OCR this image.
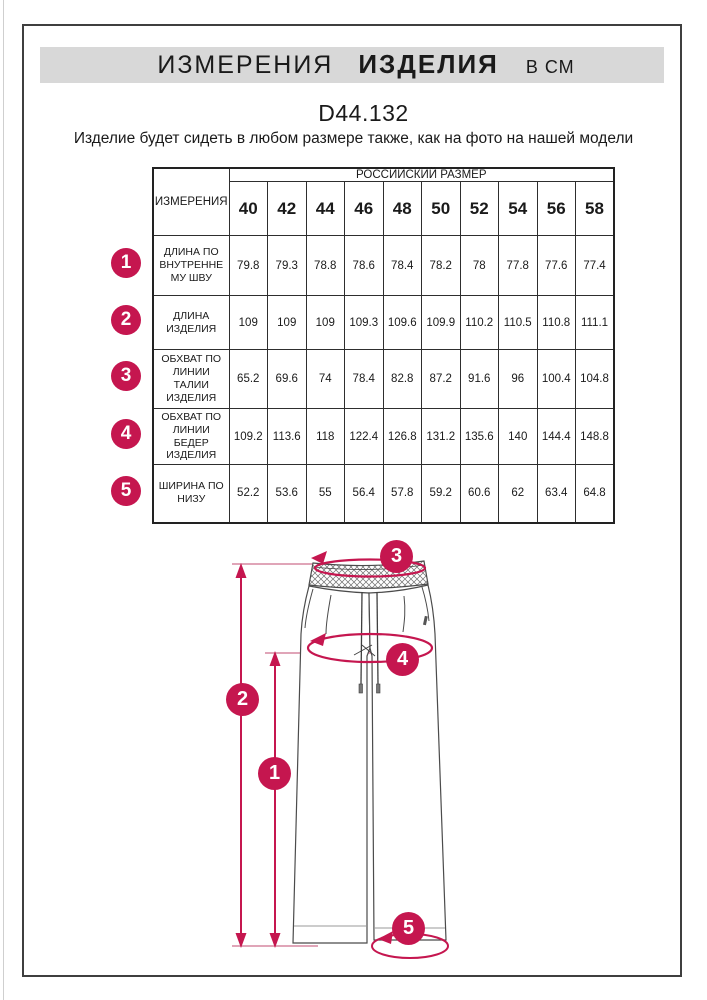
ИЗМЕРЕНИЯ ИЗДЕЛИЯ В СМ
D44.132
Изделие будет сидеть в любом размере также, как на фото на нашей модели
ИЗМЕРЕНИЯ	РОССИЙСКИЙ РАЗМЕР									
	40	42	44	46	48	50	52	54	56	58
ДЛИНА ПО ВНУТРЕННЕМУ ШВУ	79.8	79.3	78.8	78.6	78.4	78.2	78	77.8	77.6	77.4
ДЛИНА ИЗДЕЛИЯ	109	109	109	109.3	109.6	109.9	110.2	110.5	110.8	111.1
ОБХВАТ ПО ЛИНИИ ТАЛИИ ИЗДЕЛИЯ	65.2	69.6	74	78.4	82.8	87.2	91.6	96	100.4	104.8
ОБХВАТ ПО ЛИНИИ БЕДЕР ИЗДЕЛИЯ	109.2	113.6	118	122.4	126.8	131.2	135.6	140	144.4	148.8
ШИРИНА ПО НИЗУ	52.2	53.6	55	56.4	57.8	59.2	60.6	62	63.4	64.8
1
2
3
4
5
1
2
3
4
5
